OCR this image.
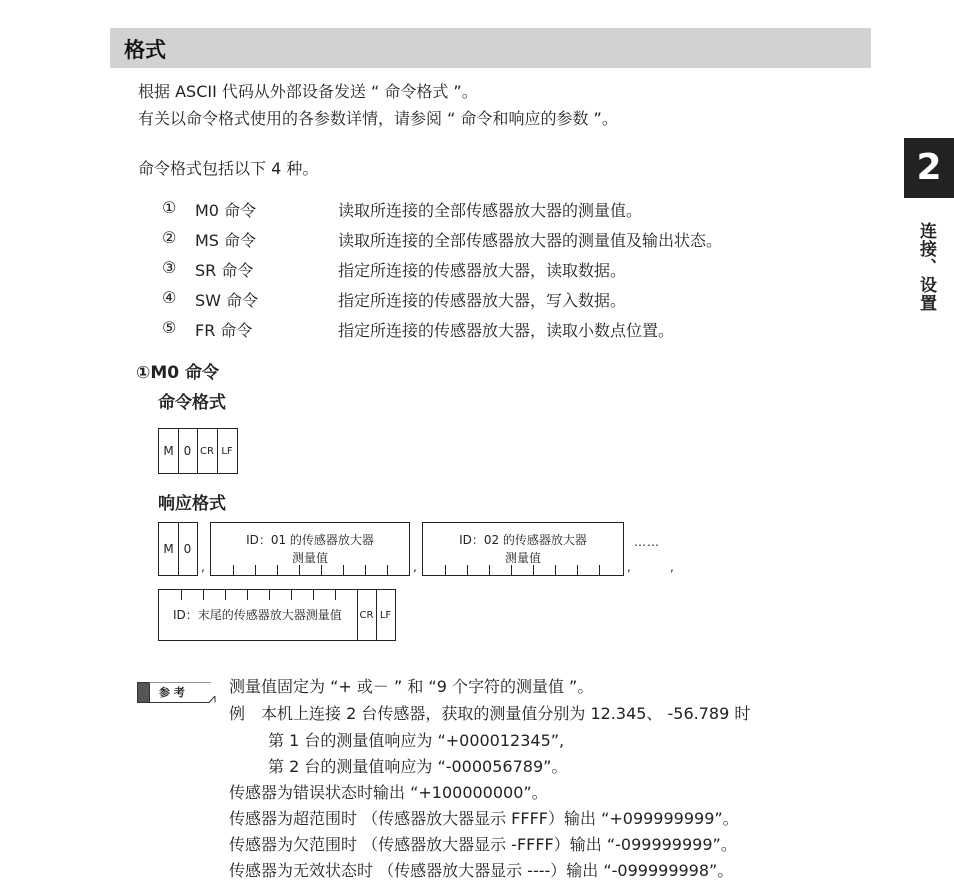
格式
2
连接、设置
根据 ASCII 代码从外部设备发送 “ 命令格式 ”。
有关以命令格式使用的各参数详情，请参阅 “ 命令和响应的参数 ”。
命令格式包括以下 4 种。
① M0 命令	读取所连接的全部传感器放大器的测量值。
② MS 命令	读取所连接的全部传感器放大器的测量值及输出状态。
③ SR 命令	指定所连接的传感器放大器，读取数据。
④ SW 命令	指定所连接的传感器放大器，写入数据。
⑤ FR 命令	指定所连接的传感器放大器，读取小数点位置。
①M0 命令
命令格式
M 0 CR LF
响应格式
M 0
,
ID：01 的传感器放大器
测量值
,
ID：02 的传感器放大器
测量值
,
……
,
ID：末尾的传感器放大器测量值 CR LF
参 考	测量值固定为 “+ 或－ ” 和 “9 个字符的测量值 ”。
例　本机上连接 2 台传感器，获取的测量值分别为 12.345、 -56.789 时
第 1 台的测量值响应为 “+000012345”,
第 2 台的测量值响应为 “-000056789”。
传感器为错误状态时输出 “+100000000”。
传感器为超范围时 （传感器放大器显示 FFFF）输出 “+099999999”。
传感器为欠范围时 （传感器放大器显示 -FFFF）输出 “-099999999”。
传感器为无效状态时 （传感器放大器显示 ----）输出 “-099999998”。
